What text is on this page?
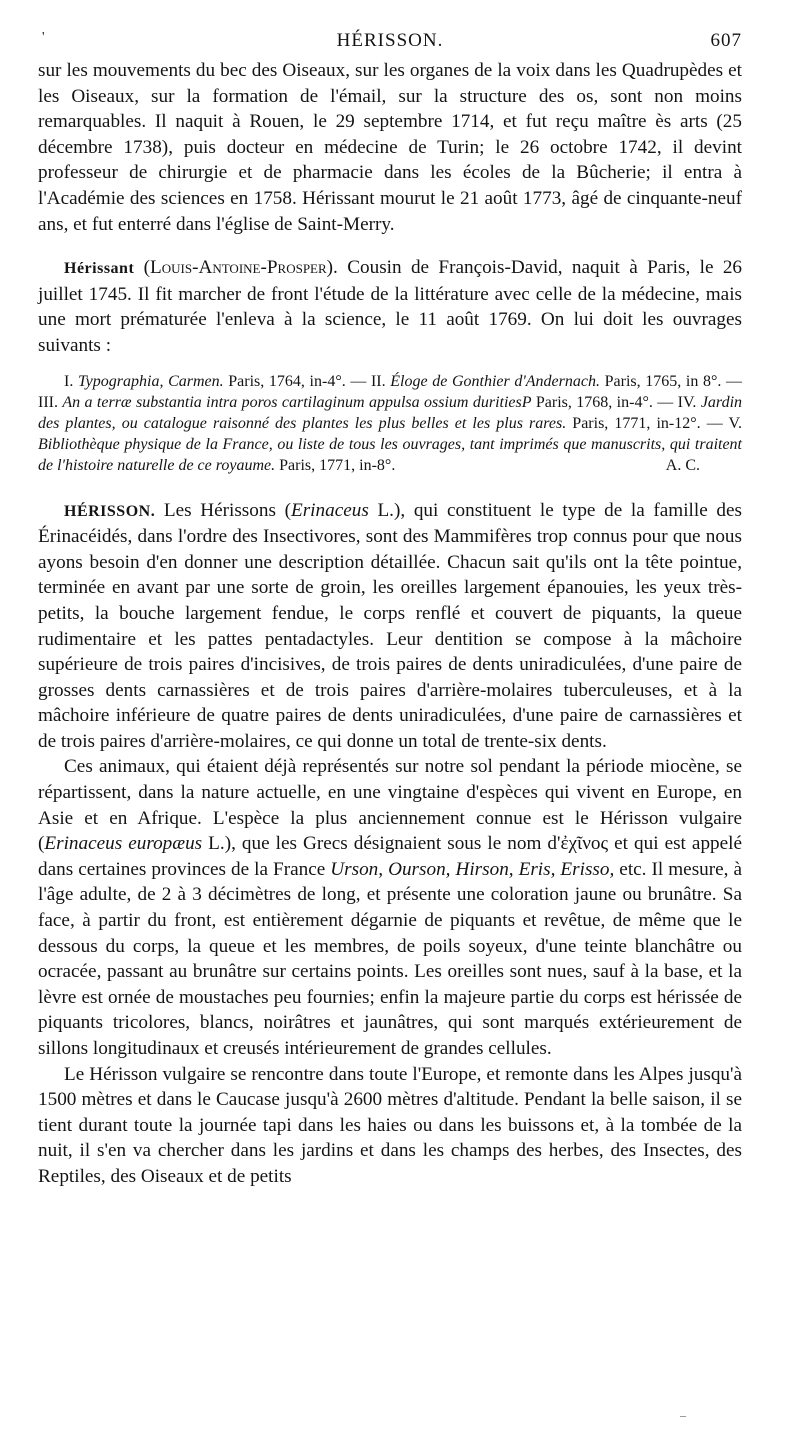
'	HÉRISSON.	607

sur les mouvements du bec des Oiseaux, sur les organes de la voix dans les Quadrupèdes et les Oiseaux, sur la formation de l'émail, sur la structure des os, sont non moins remarquables. Il naquit à Rouen, le 29 septembre 1714, et fut reçu maître ès arts (25 décembre 1738), puis docteur en médecine de Turin; le 26 octobre 1742, il devint professeur de chirurgie et de pharmacie dans les écoles de la Bûcherie; il entra à l'Académie des sciences en 1758. Hérissant mourut le 21 août 1773, âgé de cinquante-neuf ans, et fut enterré dans l'église de Saint-Merry.

Hérissant (Louis-Antoine-Prosper). Cousin de François-David, naquit à Paris, le 26 juillet 1745. Il fit marcher de front l'étude de la littérature avec celle de la médecine, mais une mort prématurée l'enleva à la science, le 11 août 1769. On lui doit les ouvrages suivants :

I. Typographia, Carmen. Paris, 1764, in-4°. — II. Éloge de Gonthier d'Andernach. Paris, 1765, in 8°. — III. An a terræ substantia intra poros cartilaginum appulsa ossium duritiesP Paris, 1768, in-4°. — IV. Jardin des plantes, ou catalogue raisonné des plantes les plus belles et les plus rares. Paris, 1771, in-12°. — V. Bibliothèque physique de la France, ou liste de tous les ouvrages, tant imprimés que manuscrits, qui traitent de l'histoire naturelle de ce royaume. Paris, 1771, in-8°.	A. C.

HÉRISSON. Les Hérissons (Erinaceus L.), qui constituent le type de la famille des Érinacéidés, dans l'ordre des Insectivores, sont des Mammifères trop connus pour que nous ayons besoin d'en donner une description détaillée. Chacun sait qu'ils ont la tête pointue, terminée en avant par une sorte de groin, les oreilles largement épanouies, les yeux très-petits, la bouche largement fendue, le corps renflé et couvert de piquants, la queue rudimentaire et les pattes pentadactyles. Leur dentition se compose à la mâchoire supérieure de trois paires d'incisives, de trois paires de dents uniradiculées, d'une paire de grosses dents carnassières et de trois paires d'arrière-molaires tuberculeuses, et à la mâchoire inférieure de quatre paires de dents uniradiculées, d'une paire de carnassières et de trois paires d'arrière-molaires, ce qui donne un total de trente-six dents.

Ces animaux, qui étaient déjà représentés sur notre sol pendant la période miocène, se répartissent, dans la nature actuelle, en une vingtaine d'espèces qui vivent en Europe, en Asie et en Afrique. L'espèce la plus anciennement connue est le Hérisson vulgaire (Erinaceus europæus L.), que les Grecs désignaient sous le nom d'ἐχῖνος et qui est appelé dans certaines provinces de la France Urson, Ourson, Hirson, Eris, Erisso, etc. Il mesure, à l'âge adulte, de 2 à 3 décimètres de long, et présente une coloration jaune ou brunâtre. Sa face, à partir du front, est entièrement dégarnie de piquants et revêtue, de même que le dessous du corps, la queue et les membres, de poils soyeux, d'une teinte blanchâtre ou ocracée, passant au brunâtre sur certains points. Les oreilles sont nues, sauf à la base, et la lèvre est ornée de moustaches peu fournies; enfin la majeure partie du corps est hérissée de piquants tricolores, blancs, noirâtres et jaunâtres, qui sont marqués extérieurement de sillons longitudinaux et creusés intérieurement de grandes cellules.

Le Hérisson vulgaire se rencontre dans toute l'Europe, et remonte dans les Alpes jusqu'à 1500 mètres et dans le Caucase jusqu'à 2600 mètres d'altitude. Pendant la belle saison, il se tient durant toute la journée tapi dans les haies ou dans les buissons et, à la tombée de la nuit, il s'en va chercher dans les jardins et dans les champs des herbes, des Insectes, des Reptiles, des Oiseaux et de petits

–
